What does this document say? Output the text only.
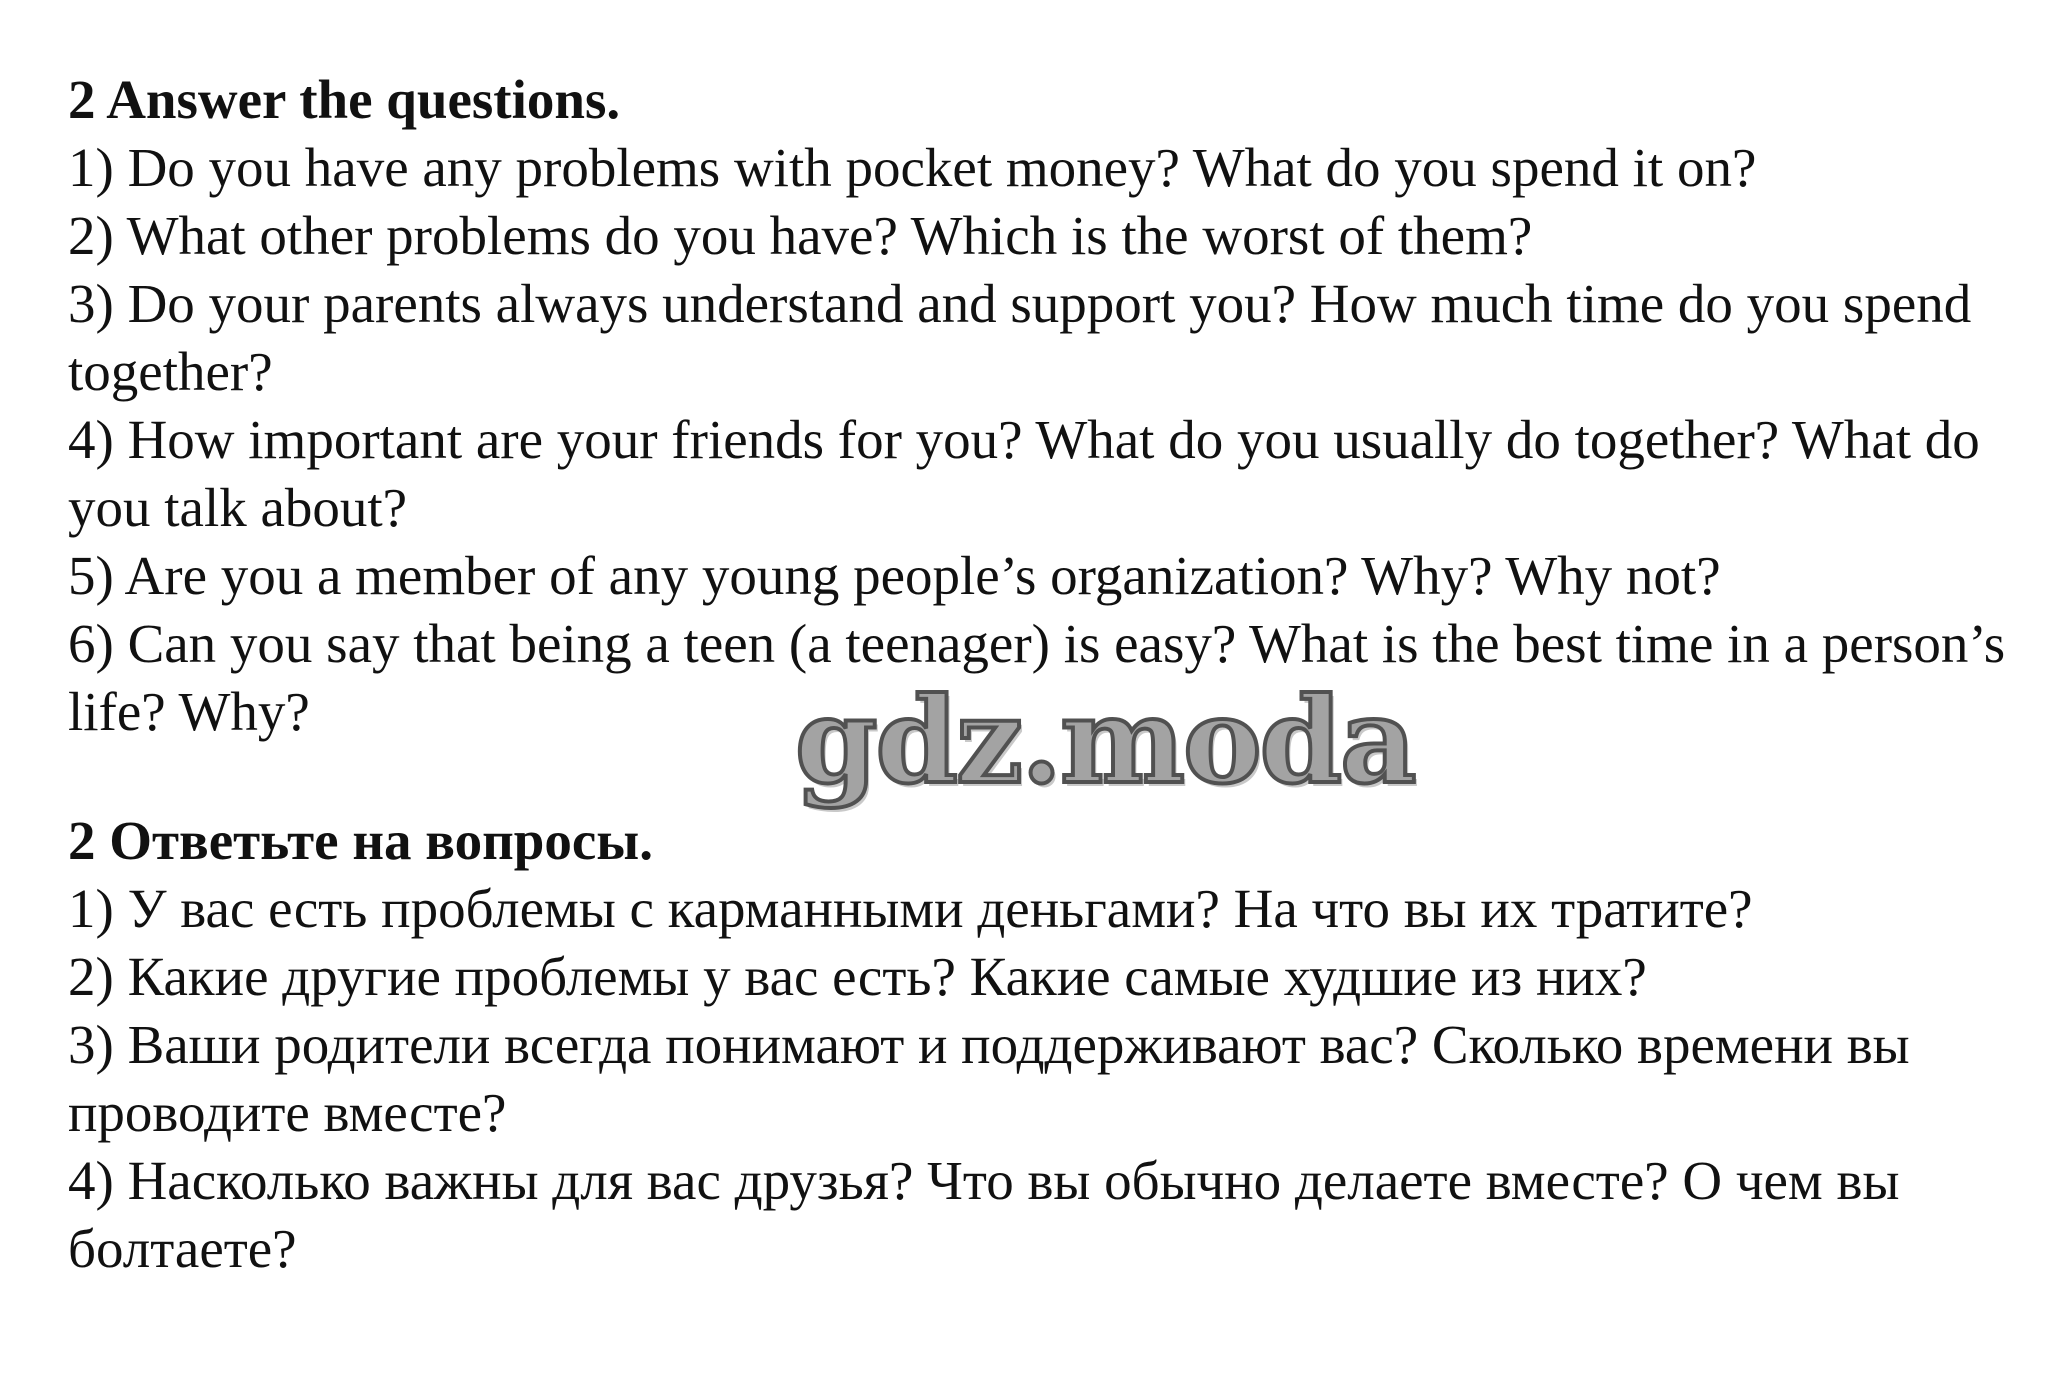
2 Answer the questions.
1) Do you have any problems with pocket money? What do you spend it on?
2) What other problems do you have? Which is the worst of them?
3) Do your parents always understand and support you? How much time do you spend together?
4) How important are your friends for you? What do you usually do together? What do you talk about?
5) Are you a member of any young people’s organization? Why? Why not?
6) Can you say that being a teen (a teenager) is easy? What is the best time in a person’s life? Why?	gdz.moda
2 Ответьте на вопросы.
1) У вас есть проблемы с карманными деньгами? На что вы их тратите?
2) Какие другие проблемы у вас есть? Какие самые худшие из них?
3) Ваши родители всегда понимают и поддерживают вас? Сколько времени вы проводите вместе?
4) Насколько важны для вас друзья? Что вы обычно делаете вместе? О чем вы болтаете?
